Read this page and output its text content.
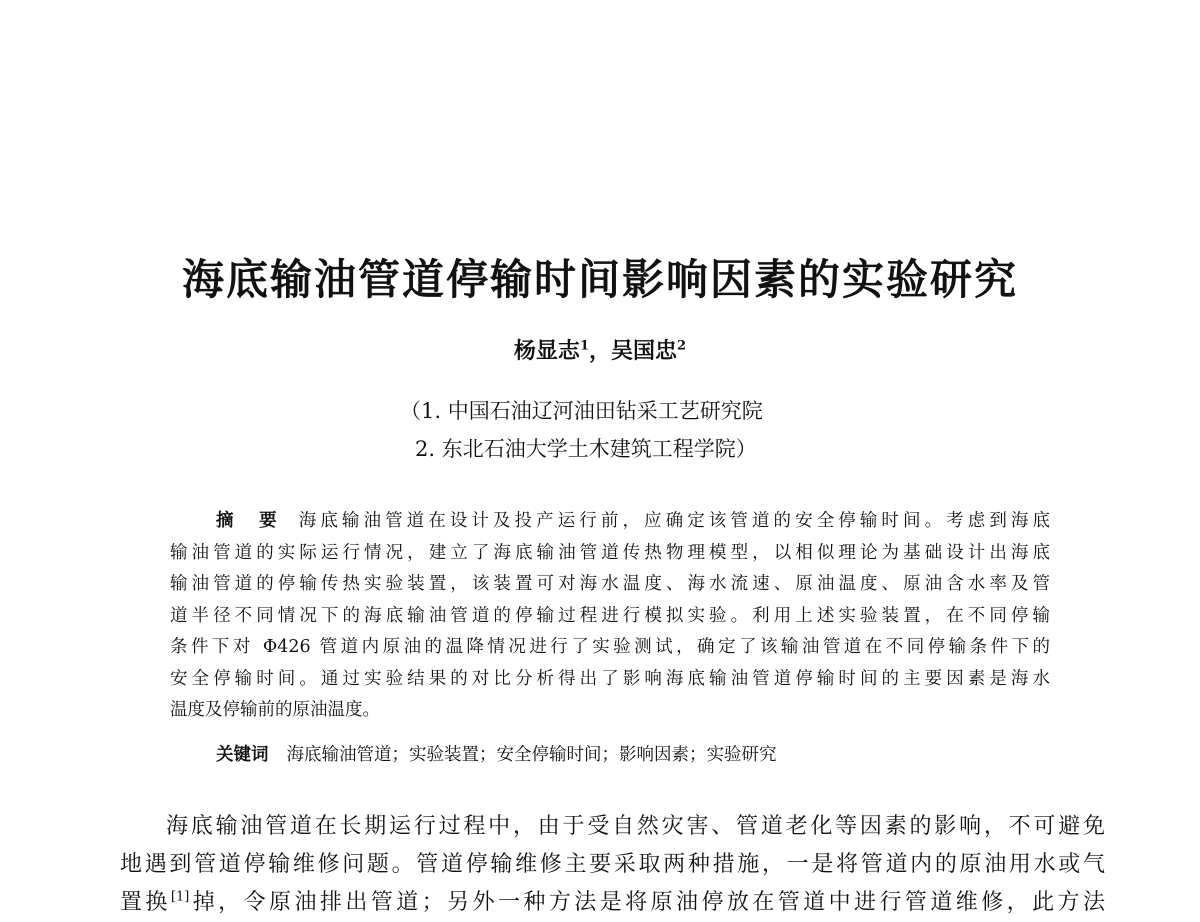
海底输油管道停输时间影响因素的实验研究
杨显志$^1$，吴国忠$^2$
（1. 中国石油辽河油田钻采工艺研究院
2. 东北石油大学土木建筑工程学院）
摘　要 海底输油管道在设计及投产运行前，应确定该管道的安全停输时间。考虑到海底
输油管道的实际运行情况，建立了海底输油管道传热物理模型，以相似理论为基础设计出海底
输油管道的停输传热实验装置，该装置可对海水温度、海水流速、原油温度、原油含水率及管
道半径不同情况下的海底输油管道的停输过程进行模拟实验。利用上述实验装置，在不同停输
条件下对 Φ426 管道内原油的温降情况进行了实验测试，确定了该输油管道在不同停输条件下的
安全停输时间。通过实验结果的对比分析得出了影响海底输油管道停输时间的主要因素是海水
温度及停输前的原油温度。
关键词 海底输油管道；实验装置；安全停输时间；影响因素；实验研究
海底输油管道在长期运行过程中，由于受自然灾害、管道老化等因素的影响，不可避免
地遇到管道停输维修问题。管道停输维修主要采取两种措施，一是将管道内的原油用水或气
置换[1]掉，令原油排出管道；另外一种方法是将原油停放在管道中进行管道维修，此方法
